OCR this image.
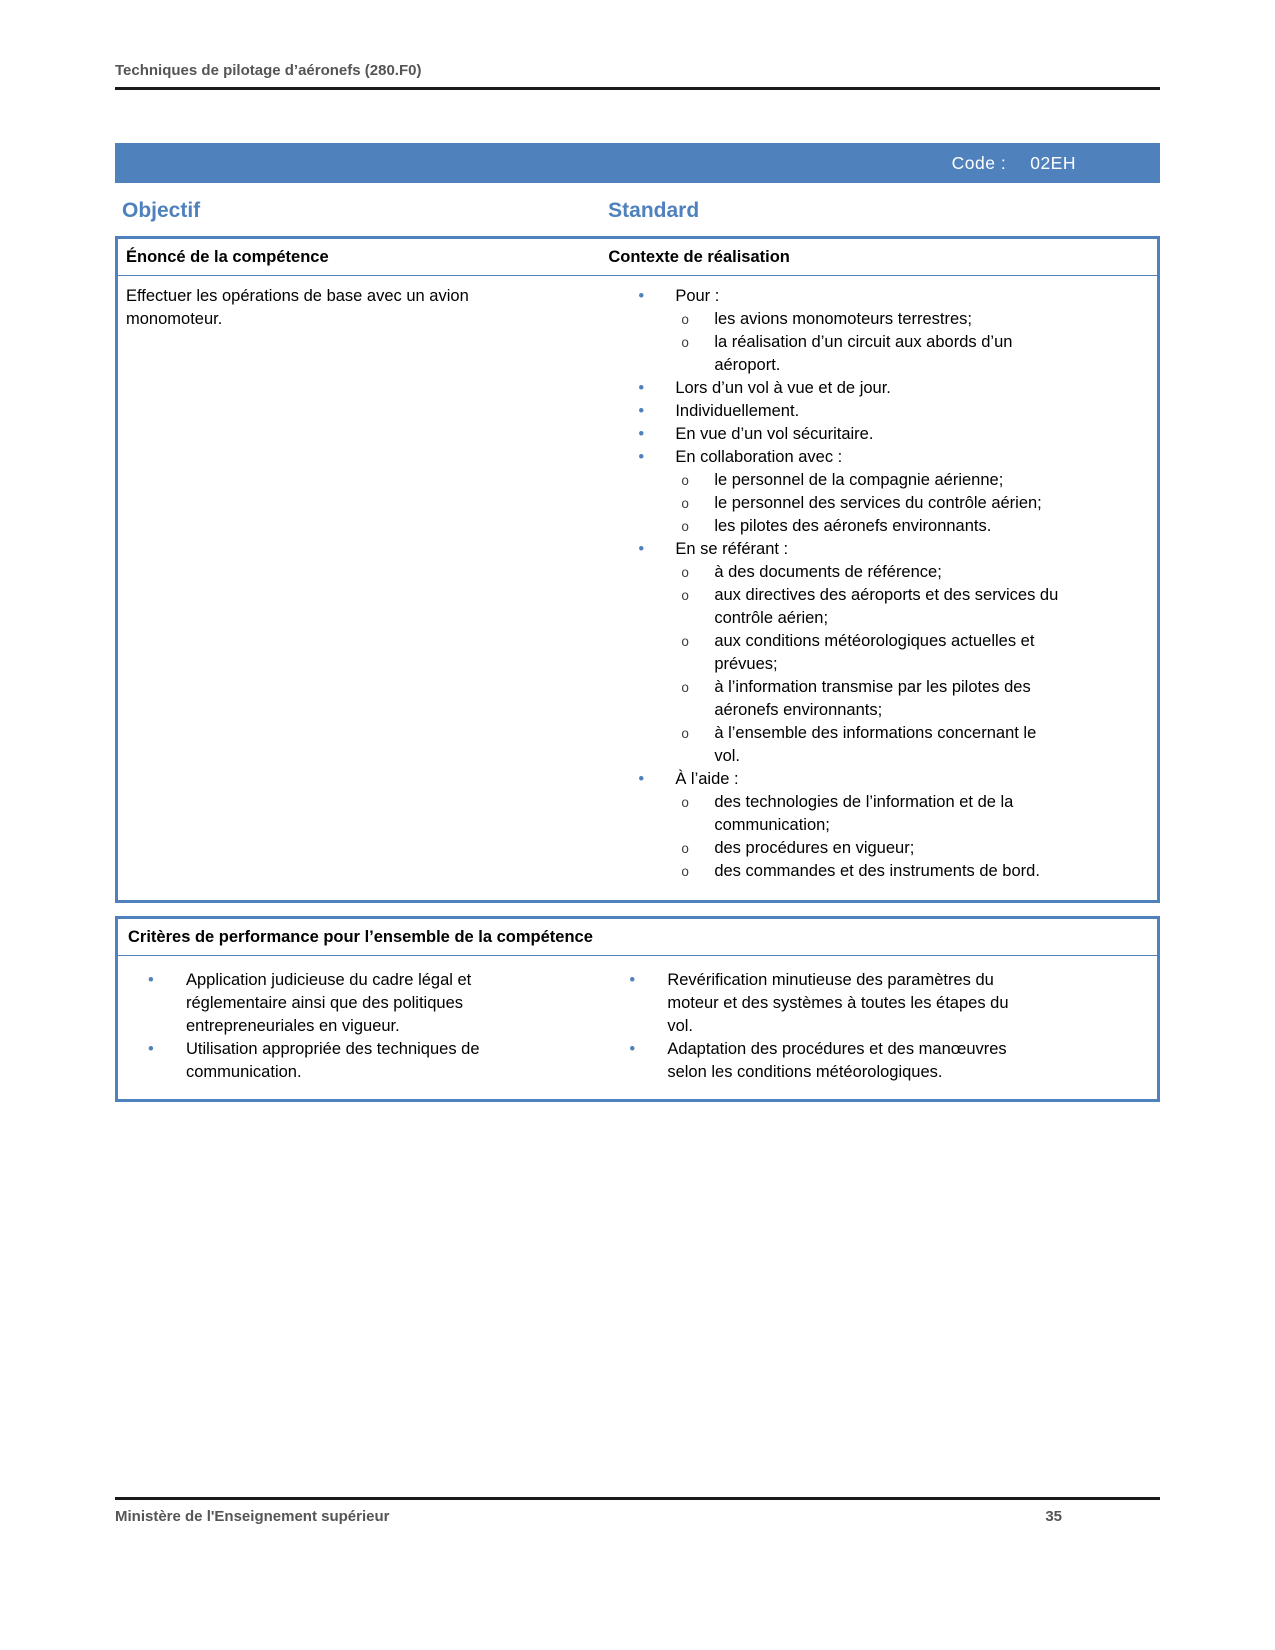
Techniques de pilotage d’aéronefs (280.F0)
Code : 02EH
Objectif	Standard
Énoncé de la compétence	Contexte de réalisation

Effectuer les opérations de base avec un avion monomoteur.

•	Pour :
o	les avions monomoteurs terrestres;
o	la réalisation d’un circuit aux abords d’un aéroport.
•	Lors d’un vol à vue et de jour.
•	Individuellement.
•	En vue d’un vol sécuritaire.
•	En collaboration avec :
o	le personnel de la compagnie aérienne;
o	le personnel des services du contrôle aérien;
o	les pilotes des aéronefs environnants.
•	En se référant :
o	à des documents de référence;
o	aux directives des aéroports et des services du contrôle aérien;
o	aux conditions météorologiques actuelles et prévues;
o	à l’information transmise par les pilotes des aéronefs environnants;
o	à l’ensemble des informations concernant le vol.
•	À l’aide :
o	des technologies de l’information et de la communication;
o	des procédures en vigueur;
o	des commandes et des instruments de bord.
Critères de performance pour l’ensemble de la compétence
•	Application judicieuse du cadre légal et réglementaire ainsi que des politiques entrepreneuriales en vigueur.
•	Utilisation appropriée des techniques de communication.
•	Revérification minutieuse des paramètres du moteur et des systèmes à toutes les étapes du vol.
•	Adaptation des procédures et des manœuvres selon les conditions météorologiques.
Ministère de l'Enseignement supérieur	35
